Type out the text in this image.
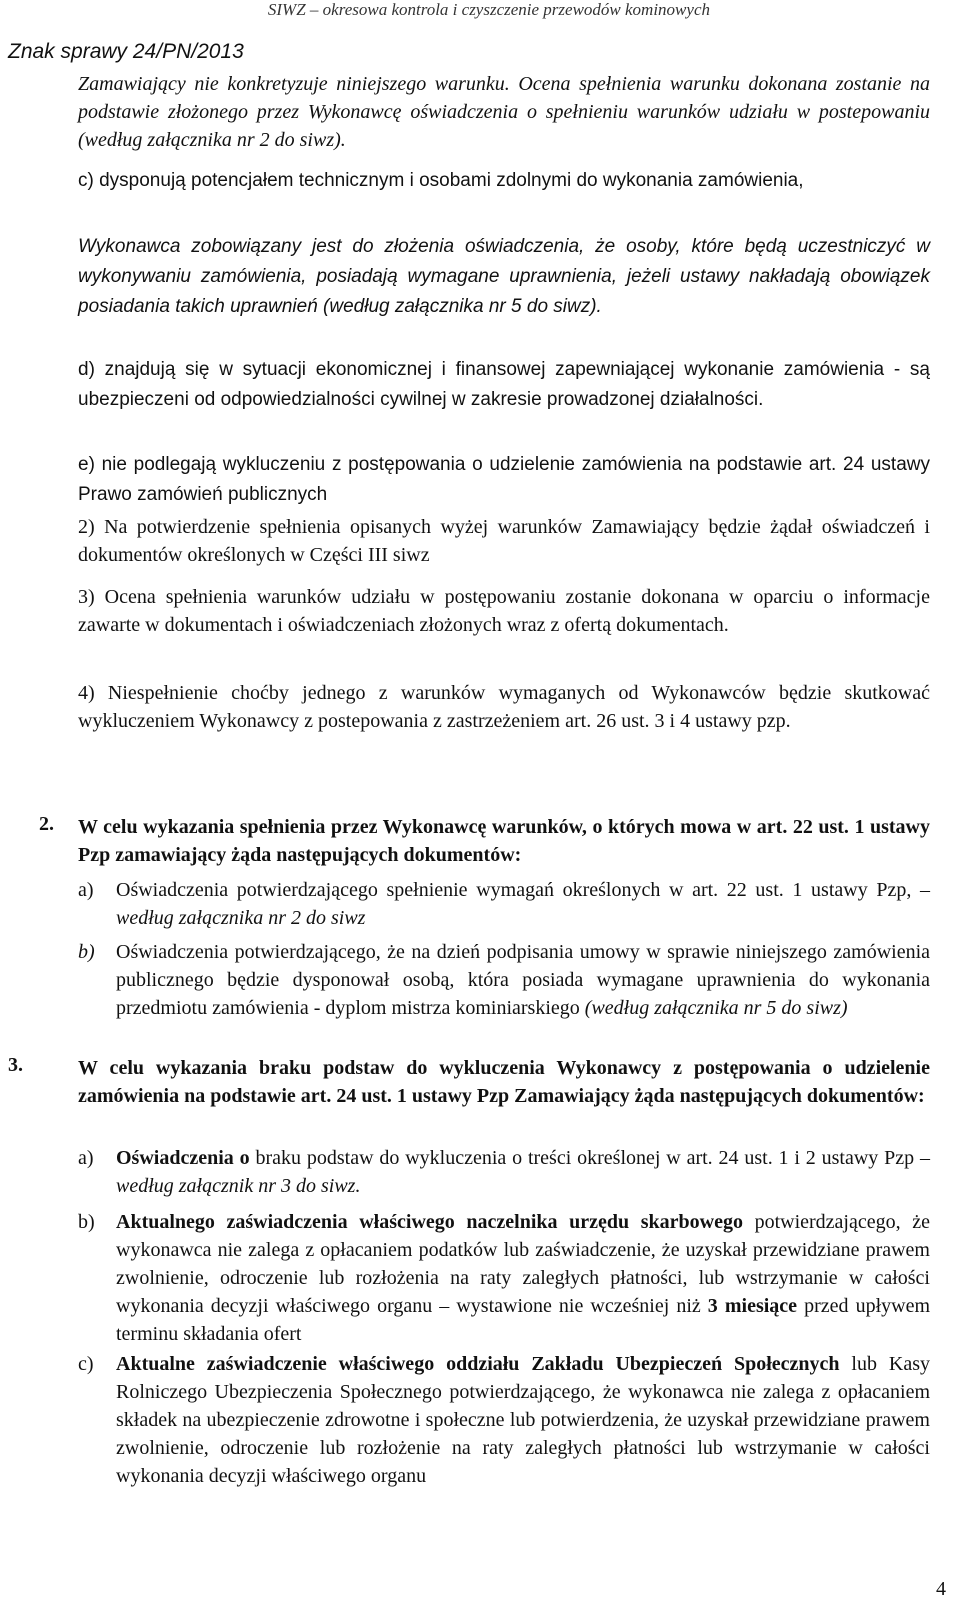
SIWZ – okresowa kontrola i czyszczenie przewodów kominowych
Znak sprawy 24/PN/2013
Zamawiający nie konkretyzuje niniejszego warunku. Ocena spełnienia warunku dokonana zostanie na podstawie złożonego przez Wykonawcę oświadczenia o spełnieniu warunków udziału w postepowaniu (według załącznika nr 2 do siwz).
c) dysponują potencjałem technicznym i osobami zdolnymi do wykonania zamówienia,
Wykonawca zobowiązany jest do złożenia oświadczenia, że osoby, które będą uczestniczyć w wykonywaniu zamówienia, posiadają wymagane uprawnienia, jeżeli ustawy nakładają obowiązek posiadania takich uprawnień (według załącznika nr 5 do siwz).
d) znajdują się w sytuacji ekonomicznej i finansowej zapewniającej wykonanie zamówienia - są ubezpieczeni od odpowiedzialności cywilnej w zakresie prowadzonej działalności.
e) nie podlegają wykluczeniu z postępowania o udzielenie zamówienia na podstawie art. 24 ustawy Prawo zamówień publicznych
2) Na potwierdzenie spełnienia opisanych wyżej warunków Zamawiający będzie żądał oświadczeń i dokumentów określonych w Części III siwz
3) Ocena spełnienia warunków udziału w postępowaniu zostanie dokonana w oparciu o informacje zawarte w dokumentach i oświadczeniach złożonych wraz z ofertą dokumentach.
4) Niespełnienie choćby jednego z warunków wymaganych od Wykonawców będzie skutkować wykluczeniem Wykonawcy z postepowania z zastrzeżeniem art. 26 ust. 3 i 4 ustawy pzp.
2. W celu wykazania spełnienia przez Wykonawcę warunków, o których mowa w art. 22 ust. 1 ustawy Pzp zamawiający żąda następujących dokumentów:
a) Oświadczenia potwierdzającego spełnienie wymagań określonych w art. 22 ust. 1 ustawy Pzp, – według załącznika nr 2 do siwz
b) Oświadczenia potwierdzającego, że na dzień podpisania umowy w sprawie niniejszego zamówienia publicznego będzie dysponował osobą, która posiada wymagane uprawnienia do wykonania przedmiotu zamówienia - dyplom mistrza kominiarskiego (według załącznika nr 5 do siwz)
3.	W celu wykazania braku podstaw do wykluczenia Wykonawcy z postępowania o udzielenie zamówienia na podstawie art. 24 ust. 1 ustawy Pzp Zamawiający żąda następujących dokumentów:
a) Oświadczenia o braku podstaw do wykluczenia o treści określonej w art. 24 ust. 1 i 2 ustawy Pzp – według załącznik nr 3 do siwz.
b) Aktualnego zaświadczenia właściwego naczelnika urzędu skarbowego potwierdzającego, że wykonawca nie zalega z opłacaniem podatków lub zaświadczenie, że uzyskał przewidziane prawem zwolnienie, odroczenie lub rozłożenia na raty zaległych płatności, lub wstrzymanie w całości wykonania decyzji właściwego organu – wystawione nie wcześniej niż 3 miesiące przed upływem terminu składania ofert
c) Aktualne zaświadczenie właściwego oddziału Zakładu Ubezpieczeń Społecznych lub Kasy Rolniczego Ubezpieczenia Społecznego potwierdzającego, że wykonawca nie zalega z opłacaniem składek na ubezpieczenie zdrowotne i społeczne lub potwierdzenia, że uzyskał przewidziane prawem zwolnienie, odroczenie lub rozłożenie na raty zaległych płatności lub wstrzymanie w całości wykonania decyzji właściwego organu
4
